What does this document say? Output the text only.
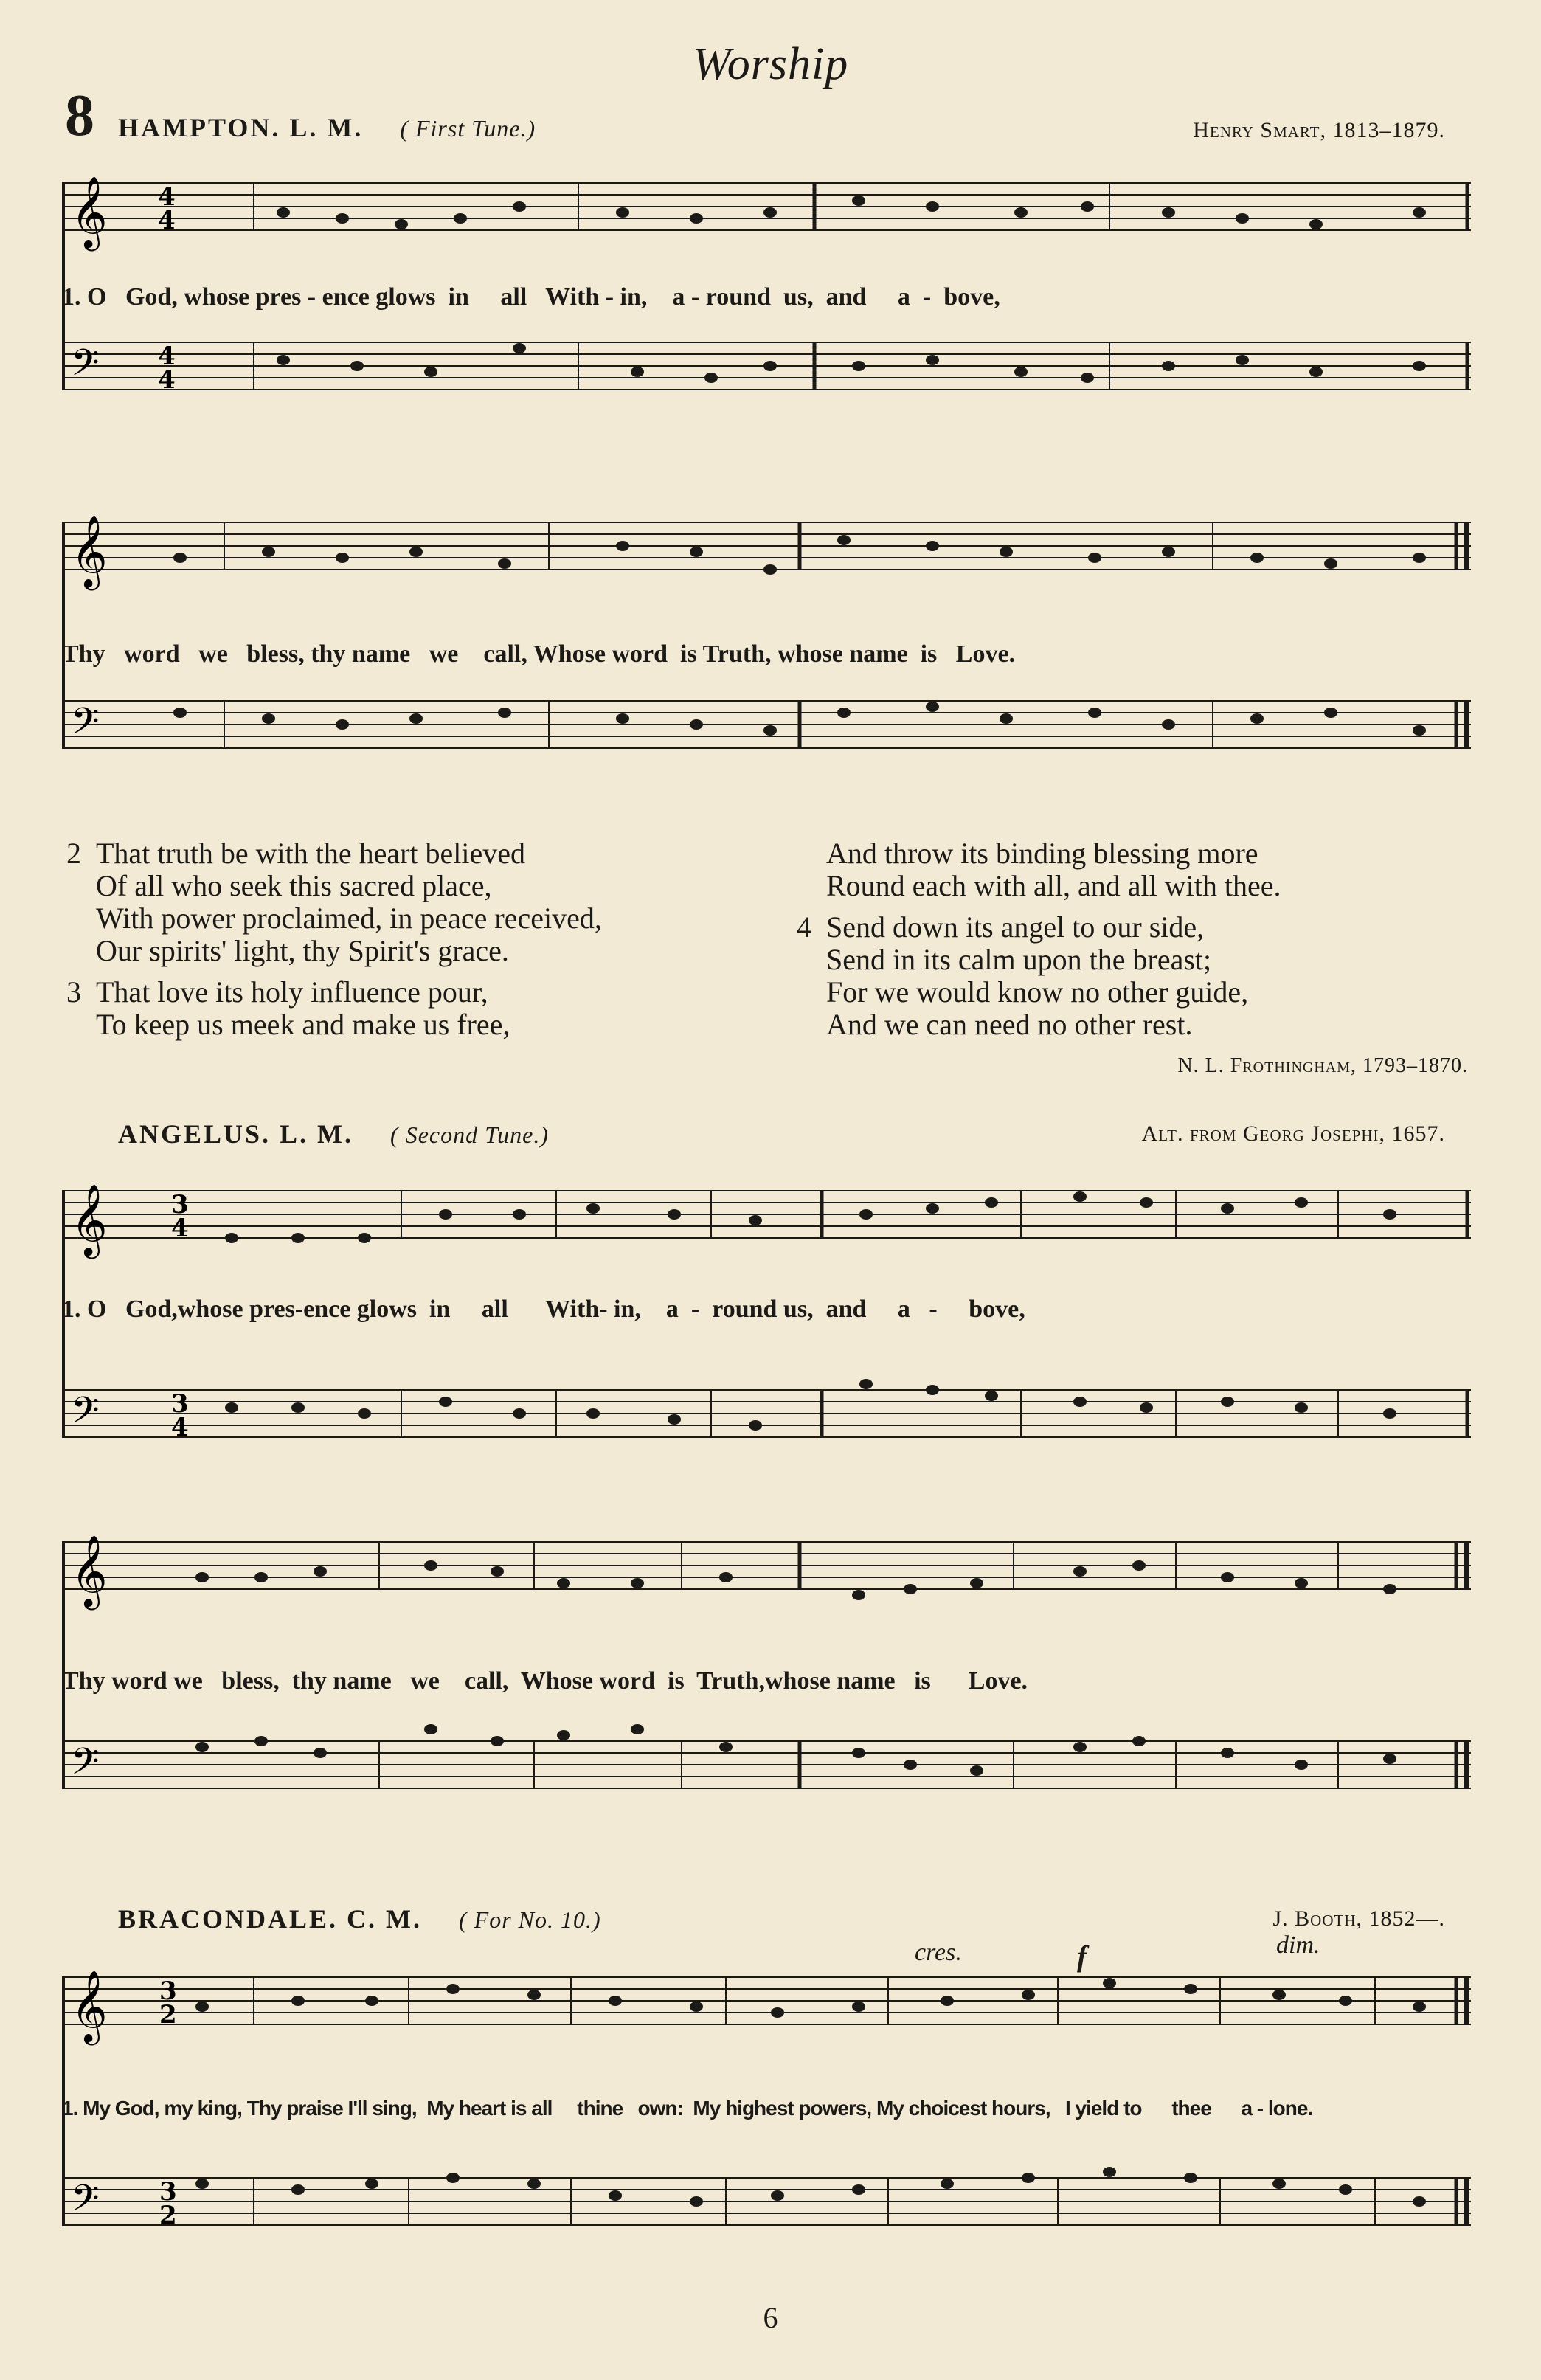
Worship
8 HAMPTON. L. M. ( First Tune.)	Henry Smart, 1813–1879.
𝄞
𝄢
4
4
4
4
1. O   God, whose pres - ence glows  in     all   With - in,    a - round  us,  and     a  -  bove,
𝄞
𝄢
Thy   word   we   bless, thy name   we    call, Whose word  is Truth, whose name  is   Love.
2 That truth be with the heart believed
Of all who seek this sacred place,
With power proclaimed, in peace received,
Our spirits' light, thy Spirit's grace.
3 That love its holy influence pour,
To keep us meek and make us free,
And throw its binding blessing more
Round each with all, and all with thee.
4 Send down its angel to our side,
Send in its calm upon the breast;
For we would know no other guide,
And we can need no other rest.
N. L. Frothingham, 1793–1870.
ANGELUS. L. M. ( Second Tune.)	Alt. from Georg Josephi, 1657.
𝄞
𝄢
3
4
3
4
1. O   God,whose pres-ence glows  in     all      With- in,    a  -  round us,  and     a   -     bove,
𝄞
𝄢
Thy word we   bless,  thy name   we    call,  Whose word  is  Truth,whose name   is      Love.
BRACONDALE. C. M. ( For No. 10.)	J. Booth, 1852—.
cres.	f	dim.
𝄞
𝄢
3
2
3
2
1. My God, my king, Thy praise I'll sing,  My heart is all     thine   own:  My highest powers, My choicest hours,   I yield to      thee      a - lone.
6
